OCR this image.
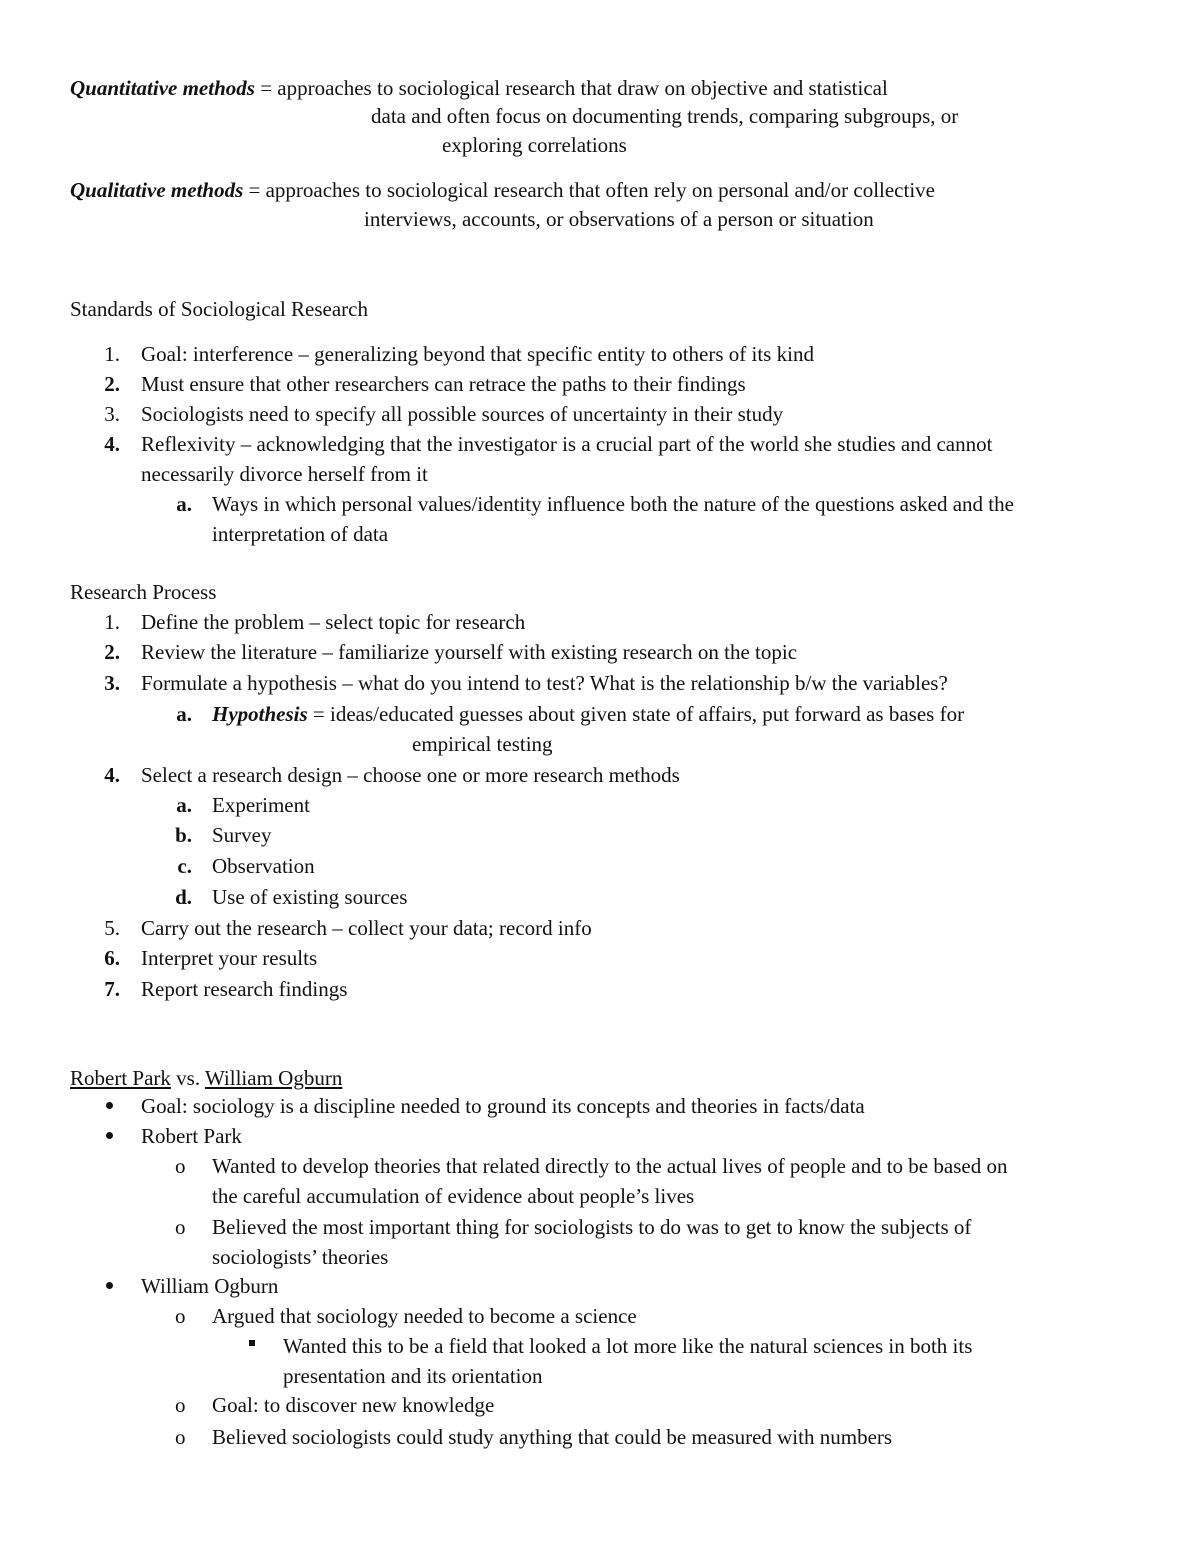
Quantitative methods = approaches to sociological research that draw on objective and statistical
data and often focus on documenting trends, comparing subgroups, or
exploring correlations
Qualitative methods = approaches to sociological research that often rely on personal and/or collective
interviews, accounts, or observations of a person or situation
Standards of Sociological Research
1. Goal: interference – generalizing beyond that specific entity to others of its kind
2. Must ensure that other researchers can retrace the paths to their findings
3. Sociologists need to specify all possible sources of uncertainty in their study
4. Reflexivity – acknowledging that the investigator is a crucial part of the world she studies and cannot
necessarily divorce herself from it
a. Ways in which personal values/identity influence both the nature of the questions asked and the
interpretation of data
Research Process
1. Define the problem – select topic for research
2. Review the literature – familiarize yourself with existing research on the topic
3. Formulate a hypothesis – what do you intend to test? What is the relationship b/w the variables?
a. Hypothesis = ideas/educated guesses about given state of affairs, put forward as bases for
empirical testing
4. Select a research design – choose one or more research methods
a. Experiment
b. Survey
c. Observation
d. Use of existing sources
5. Carry out the research – collect your data; record info
6. Interpret your results
7. Report research findings
Robert Park vs. William Ogburn
Goal: sociology is a discipline needed to ground its concepts and theories in facts/data
Robert Park
o Wanted to develop theories that related directly to the actual lives of people and to be based on
the careful accumulation of evidence about people’s lives
o Believed the most important thing for sociologists to do was to get to know the subjects of
sociologists’ theories
William Ogburn
o Argued that sociology needed to become a science
Wanted this to be a field that looked a lot more like the natural sciences in both its
presentation and its orientation
o Goal: to discover new knowledge
o Believed sociologists could study anything that could be measured with numbers
